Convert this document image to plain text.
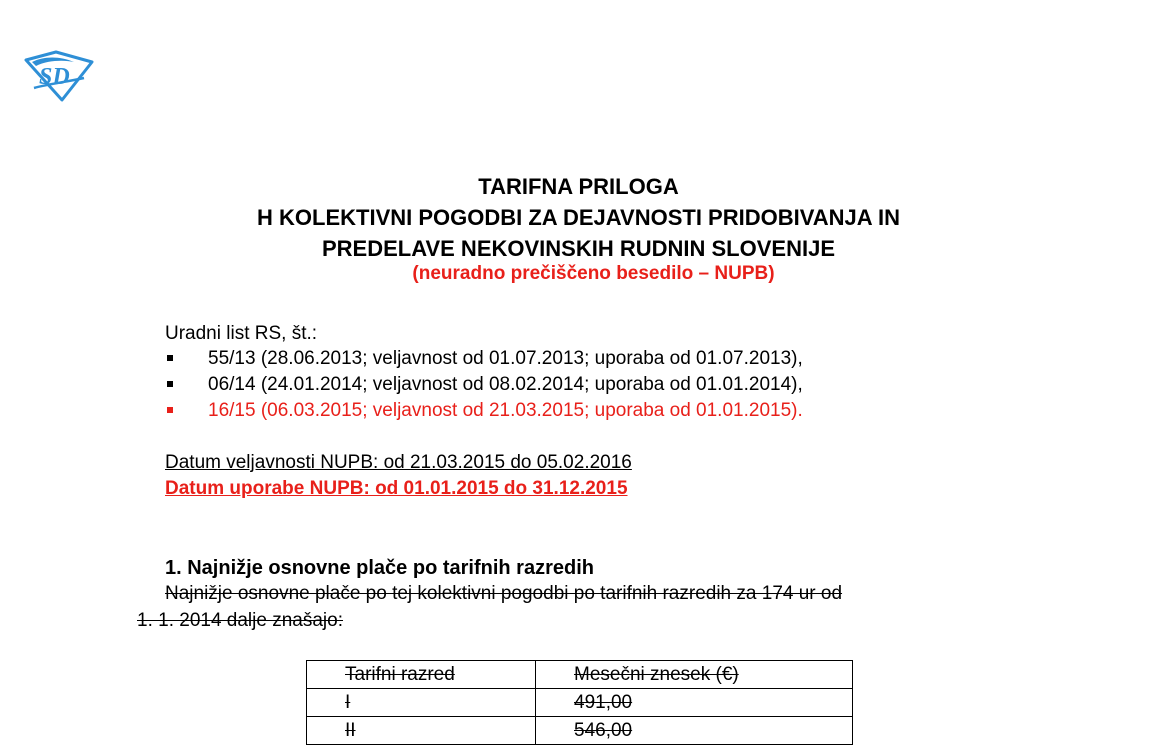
SD
TARIFNA PRILOGA
H KOLEKTIVNI POGODBI ZA DEJAVNOSTI PRIDOBIVANJA IN
PREDELAVE NEKOVINSKIH RUDNIN SLOVENIJE
(neuradno prečiščeno besedilo – NUPB)
Uradni list RS, št.:
55/13 (28.06.2013; veljavnost od 01.07.2013; uporaba od 01.07.2013),
06/14 (24.01.2014; veljavnost od 08.02.2014; uporaba od 01.01.2014),
16/15 (06.03.2015; veljavnost od 21.03.2015; uporaba od 01.01.2015).
Datum veljavnosti NUPB: od 21.03.2015 do 05.02.2016
Datum uporabe NUPB: od 01.01.2015 do 31.12.2015
1. Najnižje osnovne plače po tarifnih razredih
Najnižje osnovne plače po tej kolektivni pogodbi po tarifnih razredih za 174 ur od
1. 1. 2014 dalje znašajo:
Tarifni razred	Mesečni znesek (€)
I	491,00
II	546,00
